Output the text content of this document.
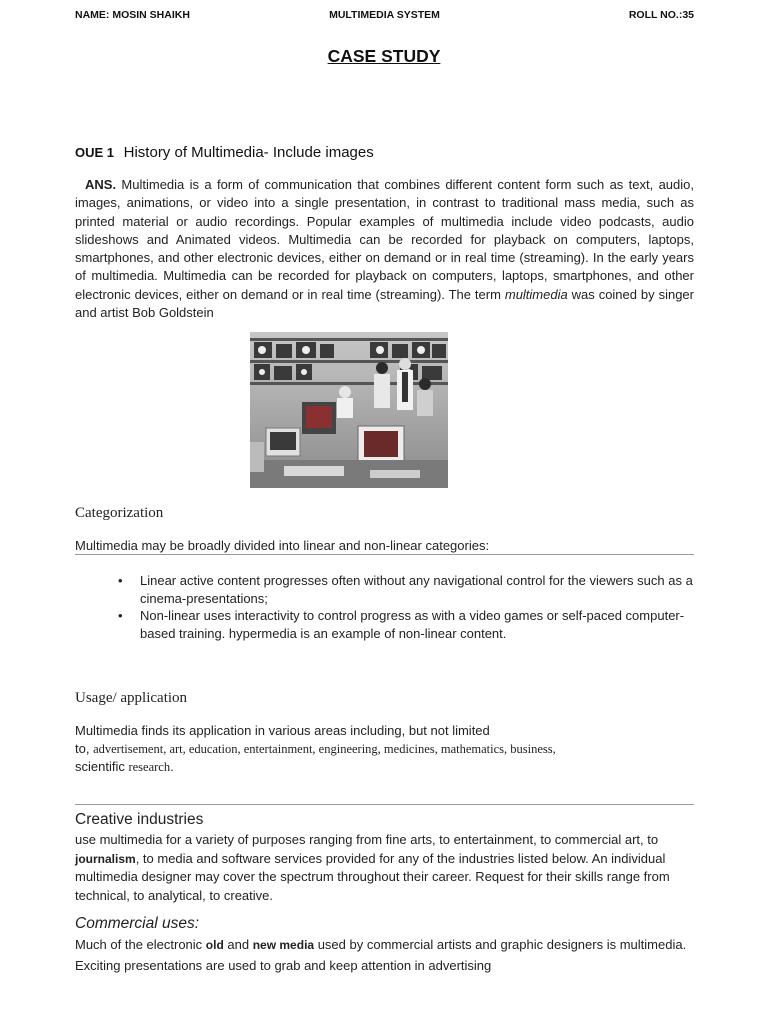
NAME: MOSIN SHAIKH	MULTIMEDIA SYSTEM	ROLL NO.:35
CASE STUDY
OUE 1 History of Multimedia- Include images
ANS. Multimedia is a form of communication that combines different content form such as text, audio, images, animations, or video into a single presentation, in contrast to traditional mass media, such as printed material or audio recordings. Popular examples of multimedia include video podcasts, audio slideshows and Animated videos. Multimedia can be recorded for playback on computers, laptops, smartphones, and other electronic devices, either on demand or in real time (streaming). In the early years of multimedia. Multimedia can be recorded for playback on computers, laptops, smartphones, and other electronic devices, either on demand or in real time (streaming). The term multimedia was coined by singer and artist Bob Goldstein
Categorization
Multimedia may be broadly divided into linear and non-linear categories:
• Linear active content progresses often without any navigational control for the viewers such as a cinema-presentations;
• Non-linear uses interactivity to control progress as with a video games or self-paced computer-based training. hypermedia is an example of non-linear content.
Usage/ application
Multimedia finds its application in various areas including, but not limited
to, advertisement, art, education, entertainment, engineering, medicines, mathematics, business,
scientific research.
Creative industries
use multimedia for a variety of purposes ranging from fine arts, to entertainment, to commercial art, to journalism, to media and software services provided for any of the industries listed below. An individual multimedia designer may cover the spectrum throughout their career. Request for their skills range from technical, to analytical, to creative.
Commercial uses:
Much of the electronic old and new media used by commercial artists and graphic designers is multimedia. Exciting presentations are used to grab and keep attention in advertising
